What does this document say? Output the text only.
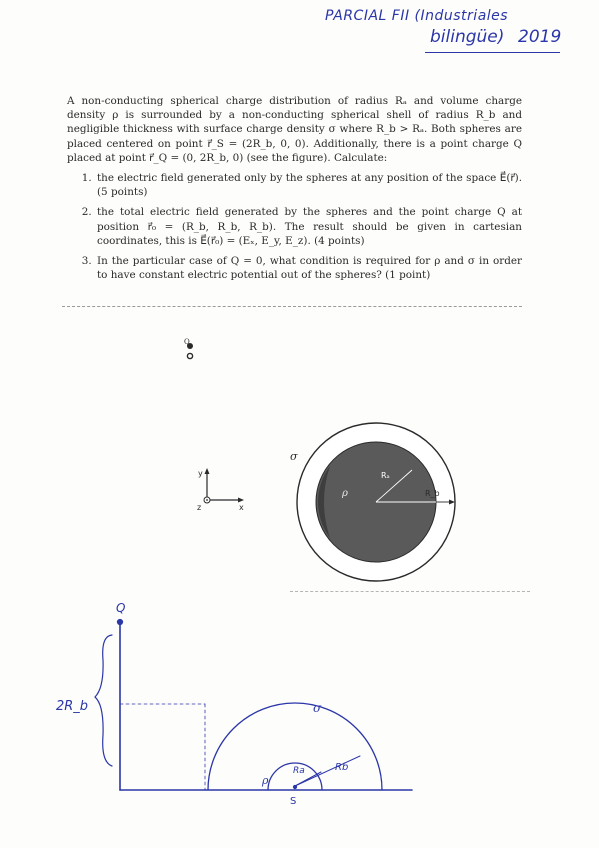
PARCIAL FII (Industriales
bilingüe) 2019

A non-conducting spherical charge distribution of radius Rₐ and volume charge density ρ is surrounded by a non-conducting spherical shell of radius R_b and negligible thickness with surface charge density σ where R_b > Rₐ. Both spheres are placed centered on point r⃗_S = (2R_b, 0, 0). Additionally, there is a point charge Q placed at point r⃗_Q = (0, 2R_b, 0) (see the figure). Calculate:

1. the electric field generated only by the spheres at any position of the space E⃗(r⃗). (5 points)
2. the total electric field generated by the spheres and the point charge Q at position r⃗₀ = (R_b, R_b, R_b). The result should be given in cartesian coordinates, this is E⃗(r⃗₀) = (Eₓ, E_y, E_z). (4 points)
3. In the particular case of Q = 0, what condition is required for ρ and σ in order to have constant electric potential out of the spheres? (1 point)
Q
y
z	x
σ
ρ
Rₐ
R_b
Q
2R_b	σ
ρ
Ra	Rb
S
